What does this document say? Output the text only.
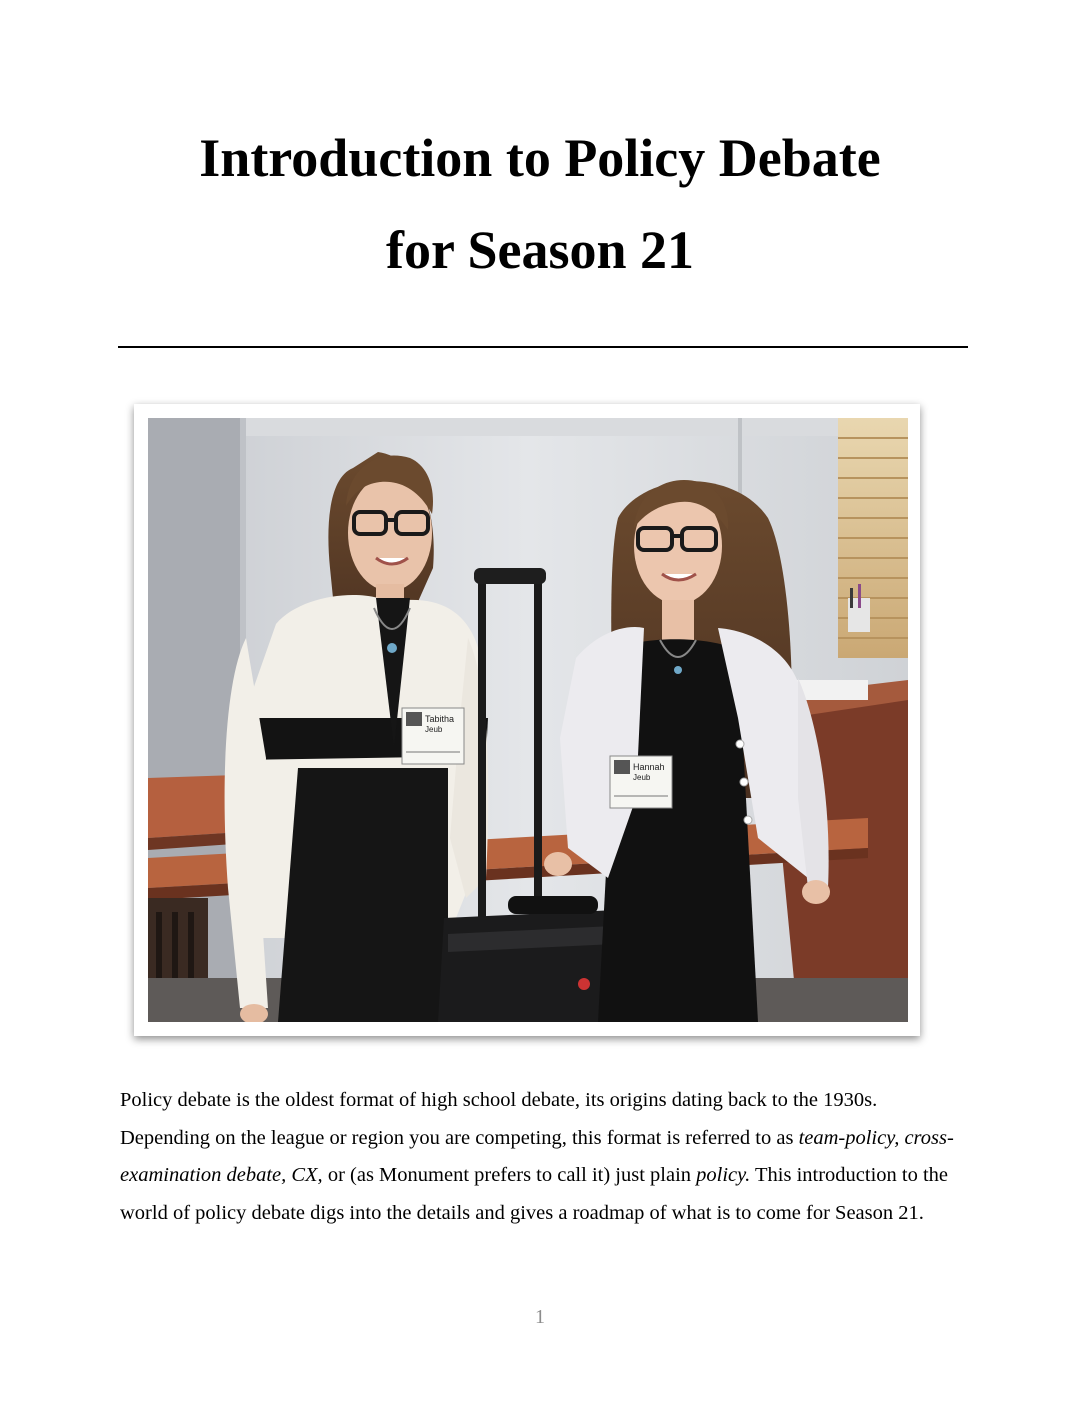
Introduction to Policy Debate
for Season 21
Tabitha
Jeub
Hannah
Jeub

Policy debate is the oldest format of high school debate, its origins dating back to the 1930s. Depending on the league or region you are competing, this format is referred to as team-policy, cross-examination debate, CX, or (as Monument prefers to call it) just plain policy. This introduction to the world of policy debate digs into the details and gives a roadmap of what is to come for Season 21.

1
